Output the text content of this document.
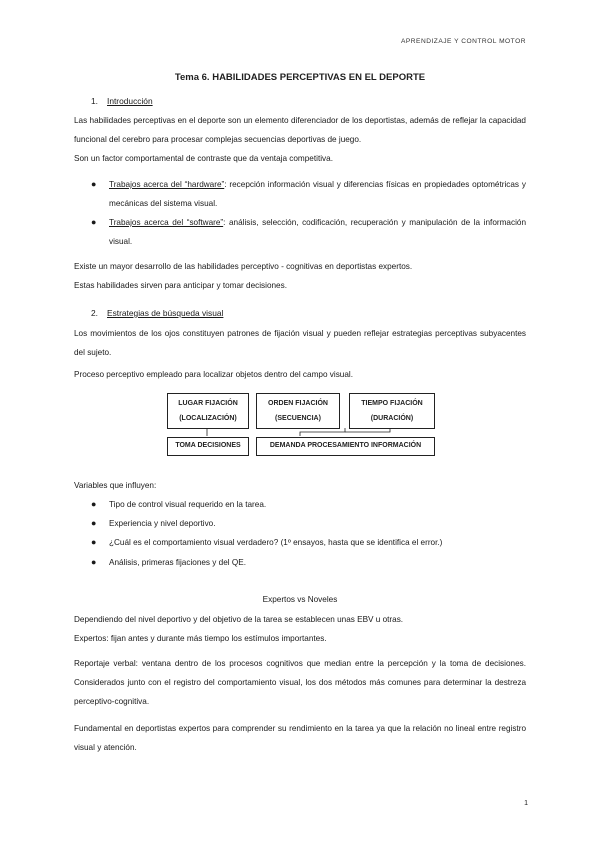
APRENDIZAJE Y CONTROL MOTOR
Tema 6. HABILIDADES PERCEPTIVAS EN EL DEPORTE
1. Introducción
Las habilidades perceptivas en el deporte son un elemento diferenciador de los deportistas, además de reflejar la capacidad funcional del cerebro para procesar complejas secuencias deportivas de juego.
Son un factor comportamental de contraste que da ventaja competitiva.
● Trabajos acerca del “hardware”: recepción información visual y diferencias físicas en propiedades optométricas y mecánicas del sistema visual.
● Trabajos acerca del “software”: análisis, selección, codificación, recuperación y manipulación de la información visual.
Existe un mayor desarrollo de las habilidades perceptivo - cognitivas en deportistas expertos.
Estas habilidades sirven para anticipar y tomar decisiones.
2. Estrategias de búsqueda visual
Los movimientos de los ojos constituyen patrones de fijación visual y pueden reflejar estrategias perceptivas subyacentes del sujeto.
Proceso perceptivo empleado para localizar objetos dentro del campo visual.
LUGAR FIJACIÓN
(LOCALIZACIÓN)
ORDEN FIJACIÓN
(SECUENCIA)
TIEMPO FIJACIÓN
(DURACIÓN)
TOMA DECISIONES	DEMANDA PROCESAMIENTO INFORMACIÓN
Variables que influyen:
● Tipo de control visual requerido en la tarea.
● Experiencia y nivel deportivo.
● ¿Cuál es el comportamiento visual verdadero? (1º ensayos, hasta que se identifica el error.)
● Análisis, primeras fijaciones y del QE.
Expertos vs Noveles
Dependiendo del nivel deportivo y del objetivo de la tarea se establecen unas EBV u otras.
Expertos: fijan antes y durante más tiempo los estímulos importantes.
Reportaje verbal: ventana dentro de los procesos cognitivos que median entre la percepción y la toma de decisiones. Considerados junto con el registro del comportamiento visual, los dos métodos más comunes para determinar la destreza perceptivo-cognitiva.
Fundamental en deportistas expertos para comprender su rendimiento en la tarea ya que la relación no lineal entre registro visual y atención.
1
